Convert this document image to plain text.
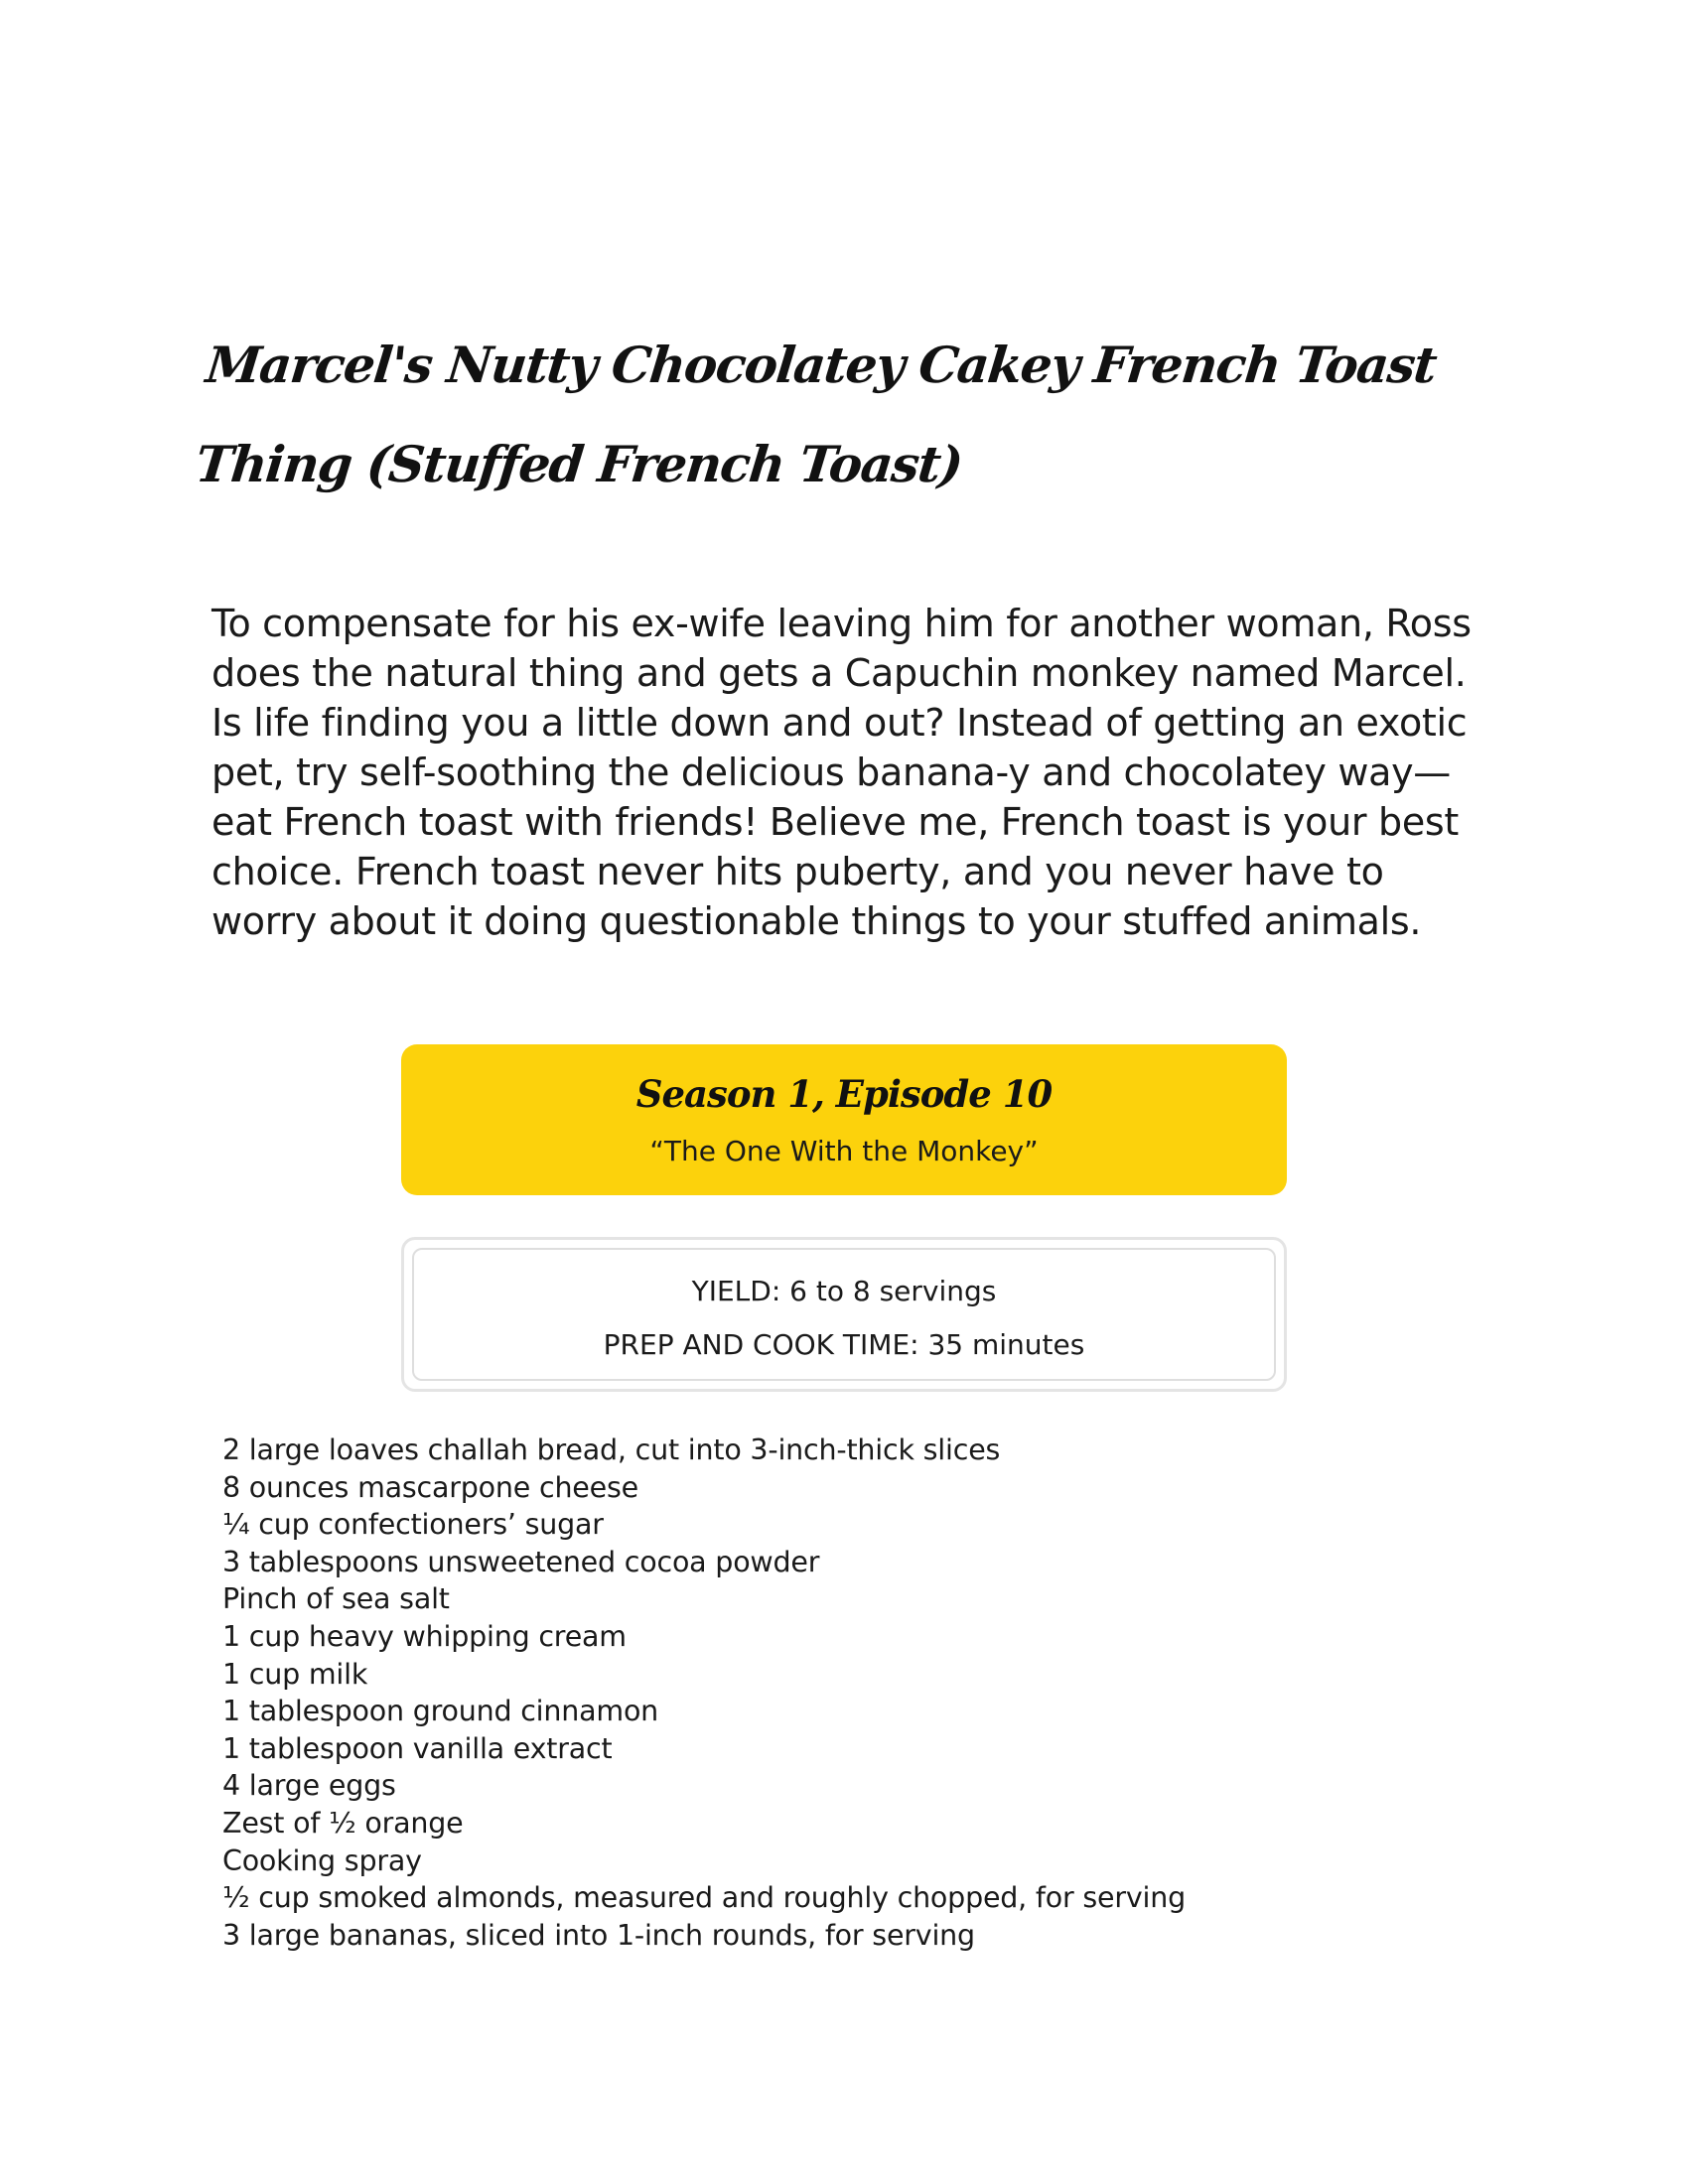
Marcel's Nutty Chocolatey Cakey French Toast Thing (Stuffed French Toast)

To compensate for his ex-wife leaving him for another woman, Ross does the natural thing and gets a Capuchin monkey named Marcel. Is life finding you a little down and out? Instead of getting an exotic pet, try self-soothing the delicious banana-y and chocolatey way—eat French toast with friends! Believe me, French toast is your best choice. French toast never hits puberty, and you never have to worry about it doing questionable things to your stuffed animals.

Season 1, Episode 10
“The One With the Monkey”
YIELD: 6 to 8 servings
PREP AND COOK TIME: 35 minutes
2 large loaves challah bread, cut into 3-inch-thick slices
8 ounces mascarpone cheese
¼ cup confectioners’ sugar
3 tablespoons unsweetened cocoa powder
Pinch of sea salt
1 cup heavy whipping cream
1 cup milk
1 tablespoon ground cinnamon
1 tablespoon vanilla extract
4 large eggs
Zest of ½ orange
Cooking spray
½ cup smoked almonds, measured and roughly chopped, for serving
3 large bananas, sliced into 1-inch rounds, for serving
